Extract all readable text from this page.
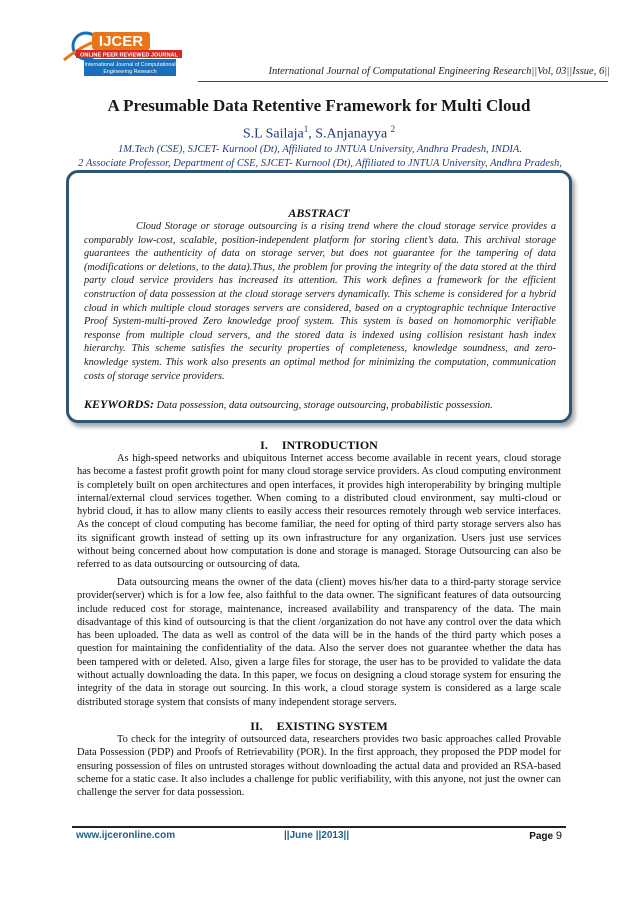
IJCER
ONLINE PEER REVIEWED JOURNAL
International Journal of Computational
Engineering Research	International Journal of Computational Engineering Research||Vol, 03||Issue, 6||
A Presumable Data Retentive Framework for Multi Cloud
S.L Sailaja$^1$, S.Anjanayya $^2$
1M.Tech (CSE), SJCET- Kurnool (Dt), Affiliated to JNTUA University, Andhra Pradesh, INDIA.
2 Associate Professor, Department of CSE, SJCET- Kurnool (Dt), Affiliated to JNTUA University, Andhra Pradesh,
ABSTRACT
Cloud Storage or storage outsourcing is a rising trend where the cloud storage service provides a comparably low-cost, scalable, position-independent platform for storing client’s data. This archival storage guarantees the authenticity of data on storage server, but does not guarantee for the tampering of data (modifications or deletions, to the data).Thus, the problem for proving the integrity of the data stored at the third party cloud service providers has increased its attention. This work defines a framework for the efficient construction of data possession at the cloud storage servers dynamically. This scheme is considered for a hybrid cloud in which multiple cloud storages servers are considered, based on a cryptographic technique Interactive Proof System-multi-proved Zero knowledge proof system. This system is based on homomorphic verifiable response from multiple cloud servers, and the stored data is indexed using collision resistant hash index hierarchy. This scheme satisfies the security properties of completeness, knowledge soundness, and zero-knowledge system. This work also presents an optimal method for minimizing the computation, communication costs of storage service providers.
KEYWORDS: Data possession, data outsourcing, storage outsourcing, probabilistic possession.
I. INTRODUCTION
As high-speed networks and ubiquitous Internet access become available in recent years, cloud storage has become a fastest profit growth point for many cloud storage service providers. As cloud computing environment is completely built on open architectures and open interfaces, it provides high interoperability by bringing multiple internal/external cloud services together. When coming to a distributed cloud environment, say multi-cloud or hybrid cloud, it has to allow many clients to easily access their resources remotely through web service interfaces. As the concept of cloud computing has become familiar, the need for opting of third party storage servers also has its significant growth instead of setting up its own infrastructure for any organization. Users just use services without being concerned about how computation is done and storage is managed. Storage Outsourcing can also be referred to as data outsourcing or outsourcing of data.
Data outsourcing means the owner of the data (client) moves his/her data to a third-party storage service provider(server) which is for a low fee, also faithful to the data owner. The significant features of data outsourcing include reduced cost for storage, maintenance, increased availability and transparency of the data. The main disadvantage of this kind of outsourcing is that the client /organization do not have any control over the data which has been uploaded. The data as well as control of the data will be in the hands of the third party which poses a question for maintaining the confidentiality of the data. Also the server does not guarantee whether the data has been tampered with or deleted. Also, given a large files for storage, the user has to be provided to validate the data without actually downloading the data. In this paper, we focus on designing a cloud storage system for ensuring the integrity of the data in storage out sourcing. In this work, a cloud storage system is considered as a large scale distributed storage system that consists of many independent storage servers.
II. EXISTING SYSTEM
To check for the integrity of outsourced data, researchers provides two basic approaches called Provable Data Possession (PDP) and Proofs of Retrievability (POR). In the first approach, they proposed the PDP model for ensuring possession of files on untrusted storages without downloading the actual data and provided an RSA-based scheme for a static case. It also includes a challenge for public verifiability, with this anyone, not just the owner can challenge the server for data possession.
www.ijceronline.com	||June ||2013||	Page 9
